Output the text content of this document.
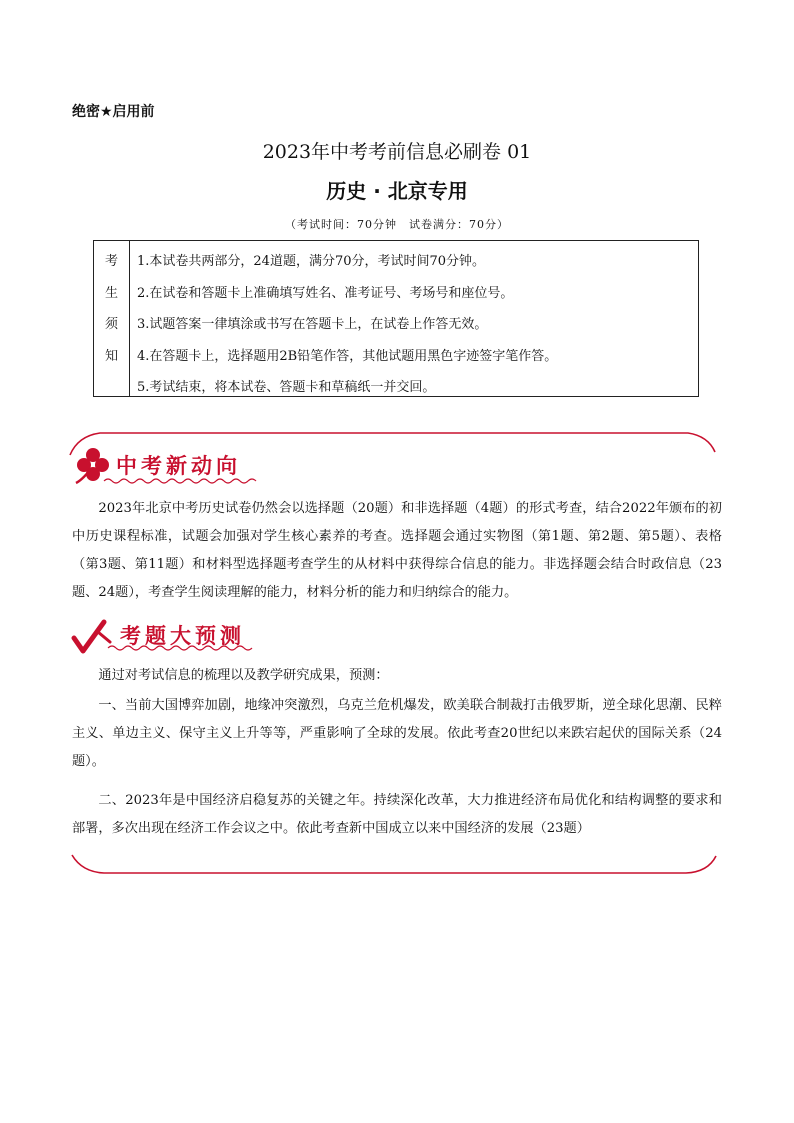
绝密★启用前
2023年中考考前信息必刷卷 01
历史 · 北京专用
（考试时间：70分钟　试卷满分：70分）
考
生
须
知
1.本试卷共两部分，24道题，满分70分，考试时间70分钟。
2.在试卷和答题卡上准确填写姓名、准考证号、考场号和座位号。
3.试题答案一律填涂或书写在答题卡上，在试卷上作答无效。
4.在答题卡上，选择题用2B铅笔作答，其他试题用黑色字迹签字笔作答。
5.考试结束，将本试卷、答题卡和草稿纸一并交回。
中考新动向

2023年北京中考历史试卷仍然会以选择题（20题）和非选择题（4题）的形式考查，结合2022年颁布的初中历史课程标准，试题会加强对学生核心素养的考查。选择题会通过实物图（第1题、第2题、第5题）、表格（第3题、第11题）和材料型选择题考查学生的从材料中获得综合信息的能力。非选择题会结合时政信息（23题、24题），考查学生阅读理解的能力，材料分析的能力和归纳综合的能力。

考题大预测

通过对考试信息的梳理以及教学研究成果，预测：

一、当前大国博弈加剧，地缘冲突激烈，乌克兰危机爆发，欧美联合制裁打击俄罗斯，逆全球化思潮、民粹主义、单边主义、保守主义上升等等，严重影响了全球的发展。依此考查20世纪以来跌宕起伏的国际关系（24题）。

二、2023年是中国经济启稳复苏的关键之年。持续深化改革，大力推进经济布局优化和结构调整的要求和部署，多次出现在经济工作会议之中。依此考查新中国成立以来中国经济的发展（23题）
